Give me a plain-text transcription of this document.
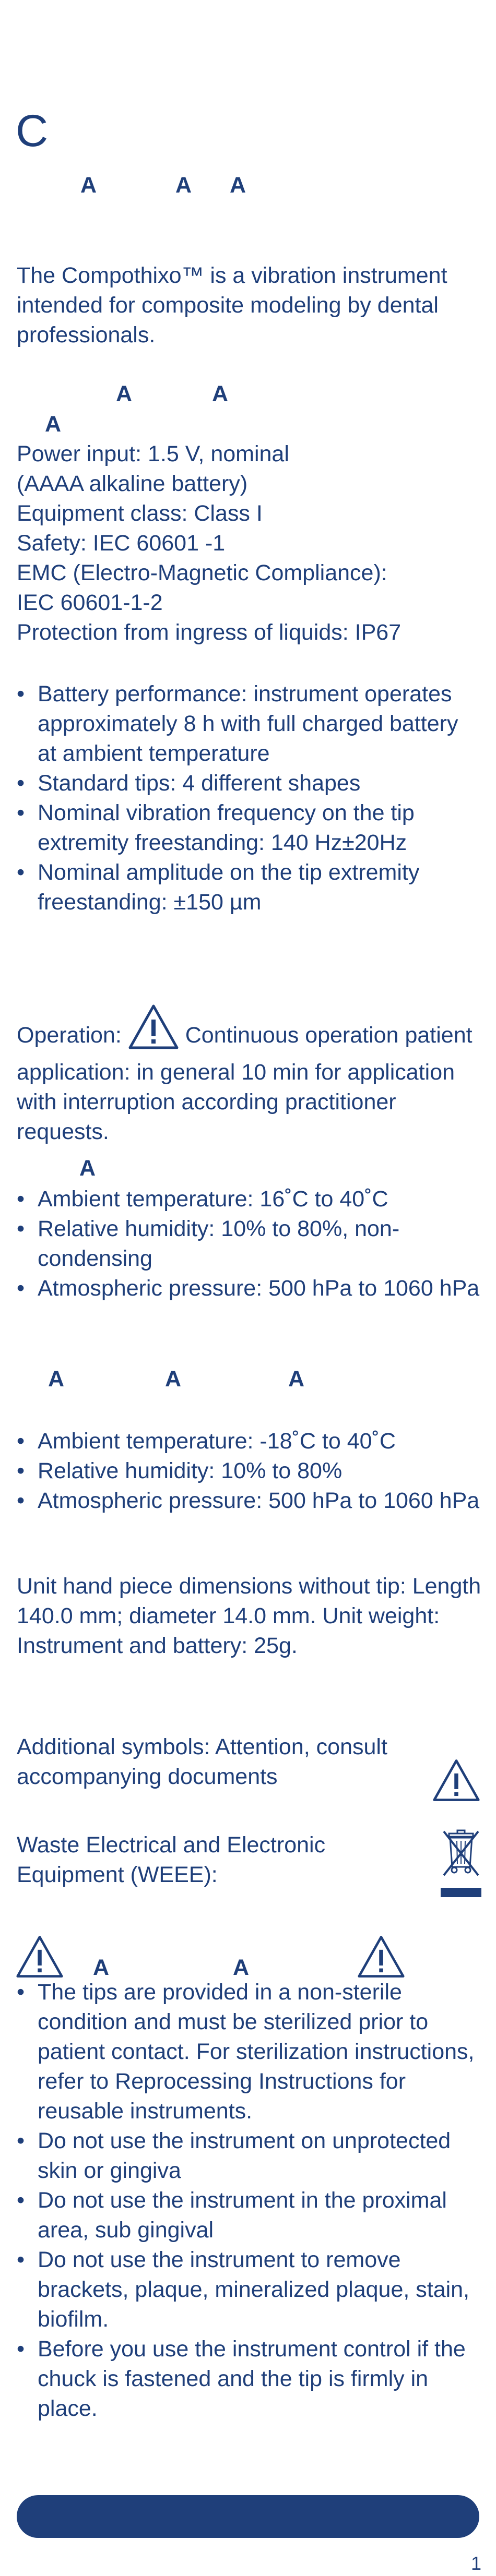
C
A	A A
The Compothixo™ is a vibration instrument intended for composite modeling by dental professionals.
A	A
A
Power input: 1.5 V, nominal
(AAAA alkaline battery)
Equipment class: Class I
Safety: IEC 60601 -1
EMC (Electro-Magnetic Compliance):
IEC 60601-1-2
Protection from ingress of liquids: IP67
• Battery performance: instrument operates approximately 8 h with full charged battery at ambient temperature
• Standard tips: 4 different shapes
• Nominal vibration frequency on the tip extremity freestanding: 140 Hz±20Hz
• Nominal amplitude on the tip extremity freestanding: ±150 µm
Operation:	Continuous operation patient application: in general 10 min for application with interruption according practitioner requests.
A
• Ambient temperature: 16˚C to 40˚C
• Relative humidity: 10% to 80%, non-condensing
• Atmospheric pressure: 500 hPa to 1060 hPa
A	A	A
• Ambient temperature: -18˚C to 40˚C
• Relative humidity: 10% to 80%
• Atmospheric pressure: 500 hPa to 1060 hPa
Unit hand piece dimensions without tip: Length 140.0 mm; diameter 14.0 mm. Unit weight: Instrument and battery: 25g.
Additional symbols: Attention, consult accompanying documents
Waste Electrical and Electronic Equipment (WEEE):
A	A
• The tips are provided in a non-sterile condition and must be sterilized prior to patient contact. For sterilization instructions, refer to Reprocessing Instructions for reusable instruments.
• Do not use the instrument on unprotected skin or gingiva
• Do not use the instrument in the proximal area, sub gingival
• Do not use the instrument to remove brackets, plaque, mineralized plaque, stain, biofilm.
• Before you use the instrument control if the chuck is fastened and the tip is firmly in place.
1
